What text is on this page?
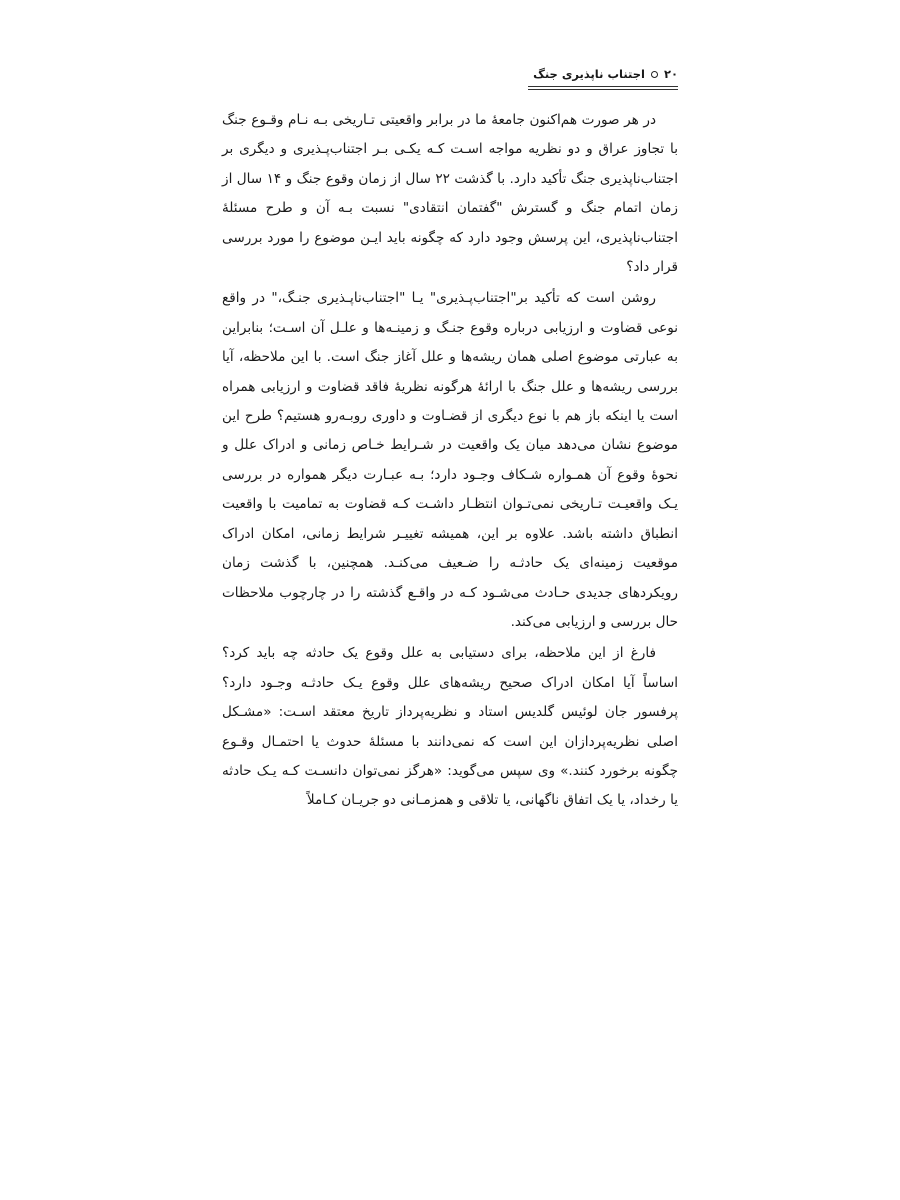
۲۰
اجتناب ناپذیری جنگ

در هر صورت هم‌اکنون جامعهٔ ما در برابر واقعیتی تـاریخی بـه نـام وقـوع جنگ با تجاوز عراق و دو نظریه مواجه اسـت کـه یکـی بـر اجتناب‌پـذیری و دیگری بر اجتناب‌ناپذیری جنگ تأکید دارد. با گذشت ۲۲ سال از زمان وقوع جنگ و ۱۴ سال از زمان اتمام جنگ و گسترش "گفتمان انتقادی" نسبت بـه آن و طرح مسئلهٔ اجتناب‌ناپذیری، این پرسش وجود دارد که چگونه باید ایـن موضوع را مورد بررسی قرار داد؟

روشن است که تأکید بر"اجتناب‌پـذیری" یـا "اجتناب‌ناپـذیری جنـگ،" در واقع نوعی قضاوت و ارزیابی درباره وقوع جنـگ و زمینـه‌ها و علـل آن اسـت؛ بنابراین به عبارتی موضوع اصلی همان ریشه‌ها و علل آغاز جنگ است. با این ملاحظه، آیا بررسی ریشه‌ها و علل جنگ با ارائهٔ هرگونه نظریهٔ فاقد قضاوت و ارزیابی همراه است یا اینکه باز هم با نوع دیگری از قضـاوت و داوری روبـه‌رو هستیم؟ طرح این موضوع نشان می‌دهد میان یک واقعیت در شـرایط خـاص زمانی و ادراک علل و نحوهٔ وقوع آن همـواره شـکاف وجـود دارد؛ بـه عبـارت دیگر همواره در بررسی یـک واقعیـت تـاریخی نمی‌تـوان انتظـار داشـت کـه قضاوت به تمامیت با واقعیت انطباق داشته باشد. علاوه بر این، همیشه تغییـر شرایط زمانی، امکان ادراک موقعیت زمینه‌ای یک حادثـه را ضـعیف می‌کنـد. همچنین، با گذشت زمان رویکردهای جدیدی حـادث می‌شـود کـه در واقـع گذشته را در چارچوب ملاحظات حال بررسی و ارزیابی می‌کند.

فارغ از این ملاحظه، برای دستیابی به علل وقوع یک حادثه چه باید کرد؟ اساساً آیا امکان ادراک صحیح ریشه‌های علل وقوع یـک حادثـه وجـود دارد؟ پرفسور جان لوئیس گلدیس استاد و نظریه‌پرداز تاریخ معتقد اسـت: «مشـکل اصلی نظریه‌پردازان این است که نمی‌دانند با مسئلهٔ حدوث یا احتمـال وقـوع چگونه برخورد کنند.» وی سپس می‌گوید: «هرگز نمی‌توان دانسـت کـه یـک حادثه یا رخداد، یا یک اتفاق ناگهانی، یا تلاقی و همزمـانی دو جریـان کـاملاً
